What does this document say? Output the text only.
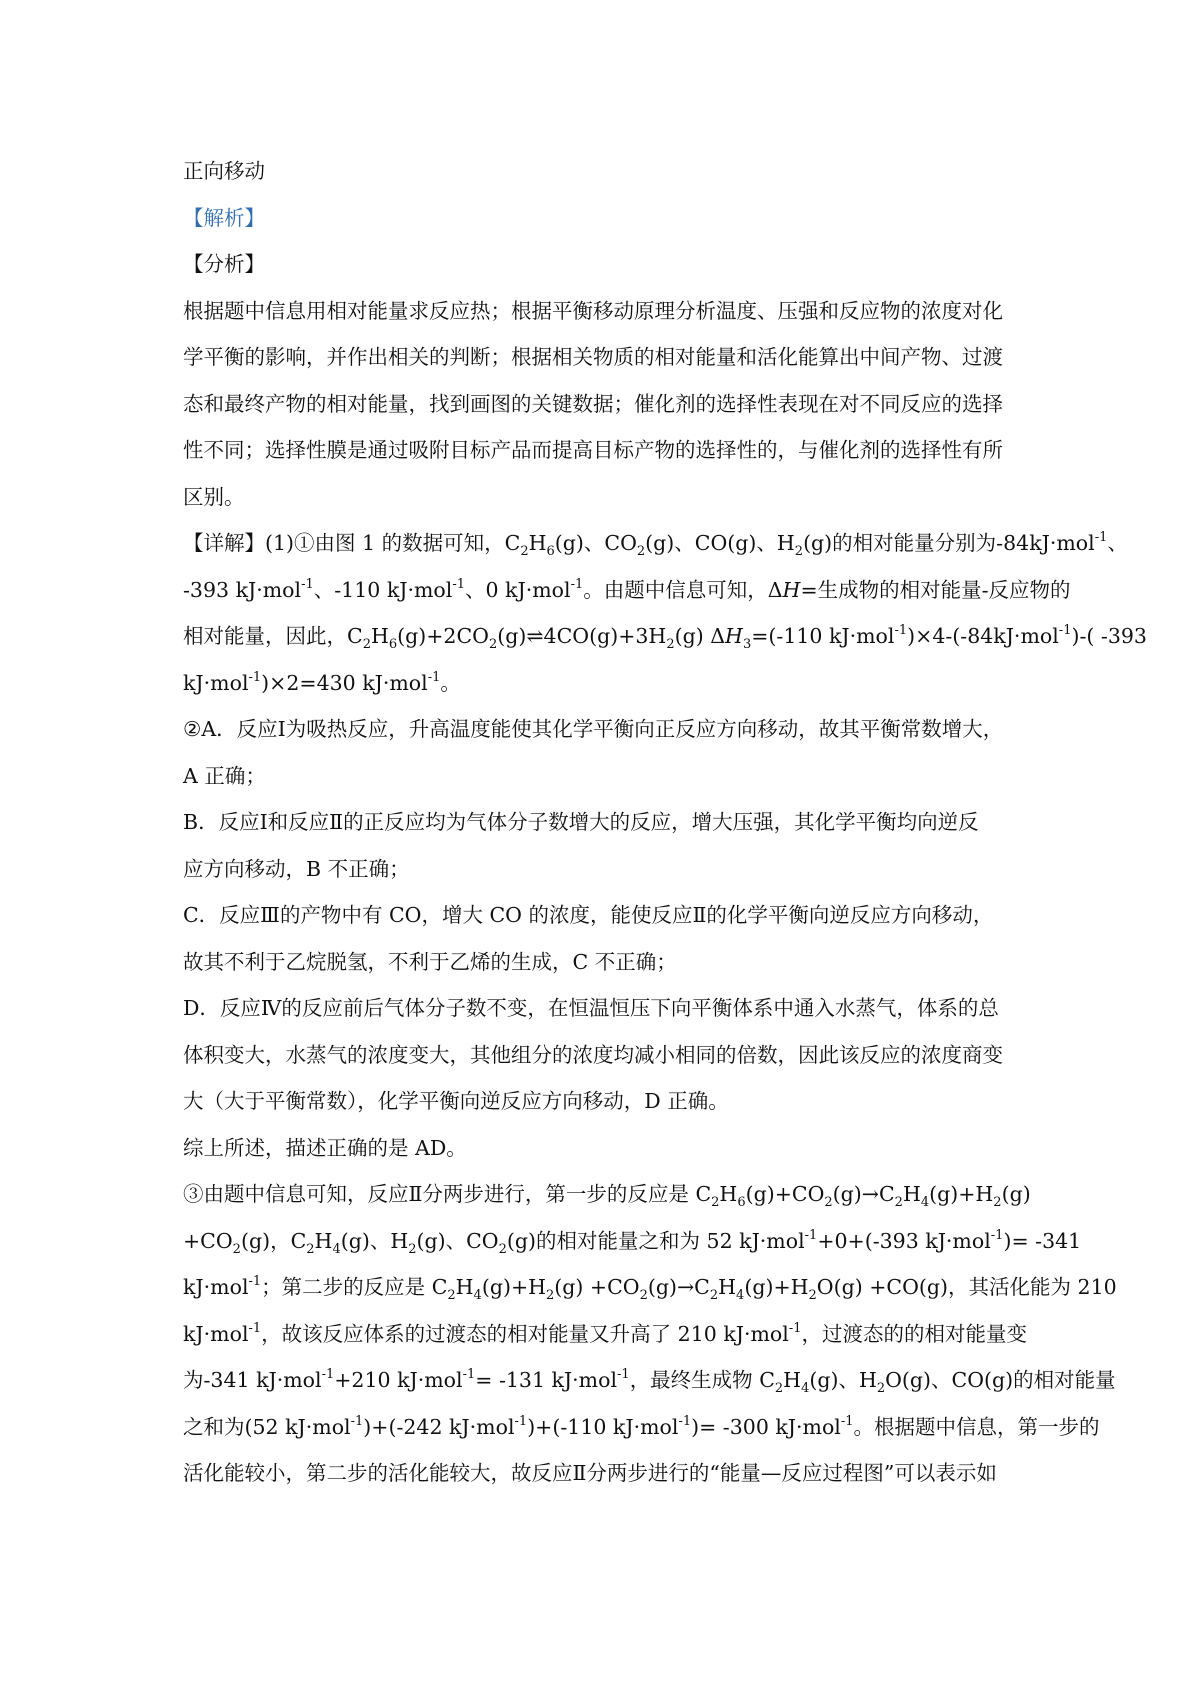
正向移动
【解析】
【分析】
根据题中信息用相对能量求反应热；根据平衡移动原理分析温度、压强和反应物的浓度对化
学平衡的影响，并作出相关的判断；根据相关物质的相对能量和活化能算出中间产物、过渡
态和最终产物的相对能量，找到画图的关键数据；催化剂的选择性表现在对不同反应的选择
性不同；选择性膜是通过吸附目标产品而提高目标产物的选择性的，与催化剂的选择性有所
区别。
【详解】(1)①由图 1 的数据可知，$C_2H_6(g)$、$CO_2(g)$、CO(g)、$H_2(g)$的相对能量分别为-84kJ·mol$^{-1}$、
-393 kJ·mol$^{-1}$、-110 kJ·mol$^{-1}$、0 kJ·mol$^{-1}$。由题中信息可知，ΔH=生成物的相对能量-反应物的
相对能量，因此，$C_2H_6(g)+2CO_2(g)\rightleftharpoons 4CO(g)+3H_2(g)$ $\Delta H_3=(-110$ kJ·mol$^{-1}$)×4-(-84kJ·mol$^{-1}$)-( -393
kJ·mol$^{-1}$)×2=430 kJ·mol$^{-1}$。
②A．反应Ⅰ为吸热反应，升高温度能使其化学平衡向正反应方向移动，故其平衡常数增大，
A 正确；
B．反应Ⅰ和反应Ⅱ的正反应均为气体分子数增大的反应，增大压强，其化学平衡均向逆反
应方向移动，B 不正确；
C．反应Ⅲ的产物中有 CO，增大 CO 的浓度，能使反应Ⅱ的化学平衡向逆反应方向移动，
故其不利于乙烷脱氢，不利于乙烯的生成，C 不正确；
D．反应Ⅳ的反应前后气体分子数不变，在恒温恒压下向平衡体系中通入水蒸气，体系的总
体积变大，水蒸气的浓度变大，其他组分的浓度均减小相同的倍数，因此该反应的浓度商变
大（大于平衡常数），化学平衡向逆反应方向移动，D 正确。
综上所述，描述正确的是 AD。
③由题中信息可知，反应Ⅱ分两步进行，第一步的反应是 $C_2H_6(g)+CO_2(g)\to C_2H_4(g)+H_2(g)$
$+CO_2(g)$，$C_2H_4(g)$、$H_2(g)$、$CO_2(g)$的相对能量之和为 52 kJ·mol$^{-1}$+0+(-393 kJ·mol$^{-1}$)= -341
kJ·mol$^{-1}$；第二步的反应是 $C_2H_4(g)+H_2(g) +CO_2(g)\to C_2H_4(g)+H_2O(g) +CO(g)$，其活化能为 210
kJ·mol$^{-1}$，故该反应体系的过渡态的相对能量又升高了 210 kJ·mol$^{-1}$，过渡态的的相对能量变
为-341 kJ·mol$^{-1}$+210 kJ·mol$^{-1}$= -131 kJ·mol$^{-1}$，最终生成物 $C_2H_4(g)$、$H_2O(g)$、CO(g)的相对能量
之和为(52 kJ·mol$^{-1}$)+(-242 kJ·mol$^{-1}$)+(-110 kJ·mol$^{-1}$)= -300 kJ·mol$^{-1}$。根据题中信息，第一步的
活化能较小，第二步的活化能较大，故反应Ⅱ分两步进行的“能量—反应过程图”可以表示如
